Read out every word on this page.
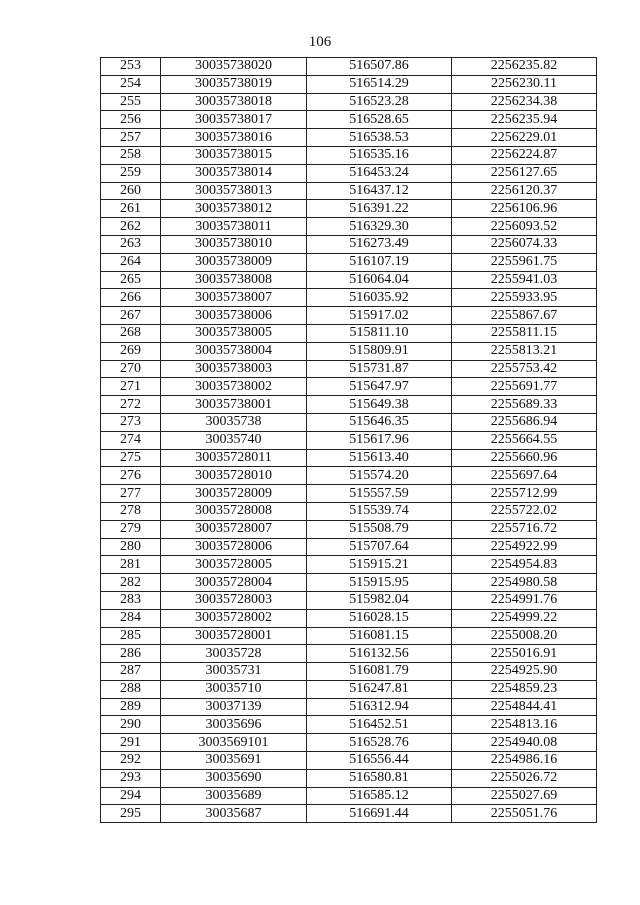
106
253	30035738020	516507.86	2256235.82
254	30035738019	516514.29	2256230.11
255	30035738018	516523.28	2256234.38
256	30035738017	516528.65	2256235.94
257	30035738016	516538.53	2256229.01
258	30035738015	516535.16	2256224.87
259	30035738014	516453.24	2256127.65
260	30035738013	516437.12	2256120.37
261	30035738012	516391.22	2256106.96
262	30035738011	516329.30	2256093.52
263	30035738010	516273.49	2256074.33
264	30035738009	516107.19	2255961.75
265	30035738008	516064.04	2255941.03
266	30035738007	516035.92	2255933.95
267	30035738006	515917.02	2255867.67
268	30035738005	515811.10	2255811.15
269	30035738004	515809.91	2255813.21
270	30035738003	515731.87	2255753.42
271	30035738002	515647.97	2255691.77
272	30035738001	515649.38	2255689.33
273	30035738	515646.35	2255686.94
274	30035740	515617.96	2255664.55
275	30035728011	515613.40	2255660.96
276	30035728010	515574.20	2255697.64
277	30035728009	515557.59	2255712.99
278	30035728008	515539.74	2255722.02
279	30035728007	515508.79	2255716.72
280	30035728006	515707.64	2254922.99
281	30035728005	515915.21	2254954.83
282	30035728004	515915.95	2254980.58
283	30035728003	515982.04	2254991.76
284	30035728002	516028.15	2254999.22
285	30035728001	516081.15	2255008.20
286	30035728	516132.56	2255016.91
287	30035731	516081.79	2254925.90
288	30035710	516247.81	2254859.23
289	30037139	516312.94	2254844.41
290	30035696	516452.51	2254813.16
291	3003569101	516528.76	2254940.08
292	30035691	516556.44	2254986.16
293	30035690	516580.81	2255026.72
294	30035689	516585.12	2255027.69
295	30035687	516691.44	2255051.76
